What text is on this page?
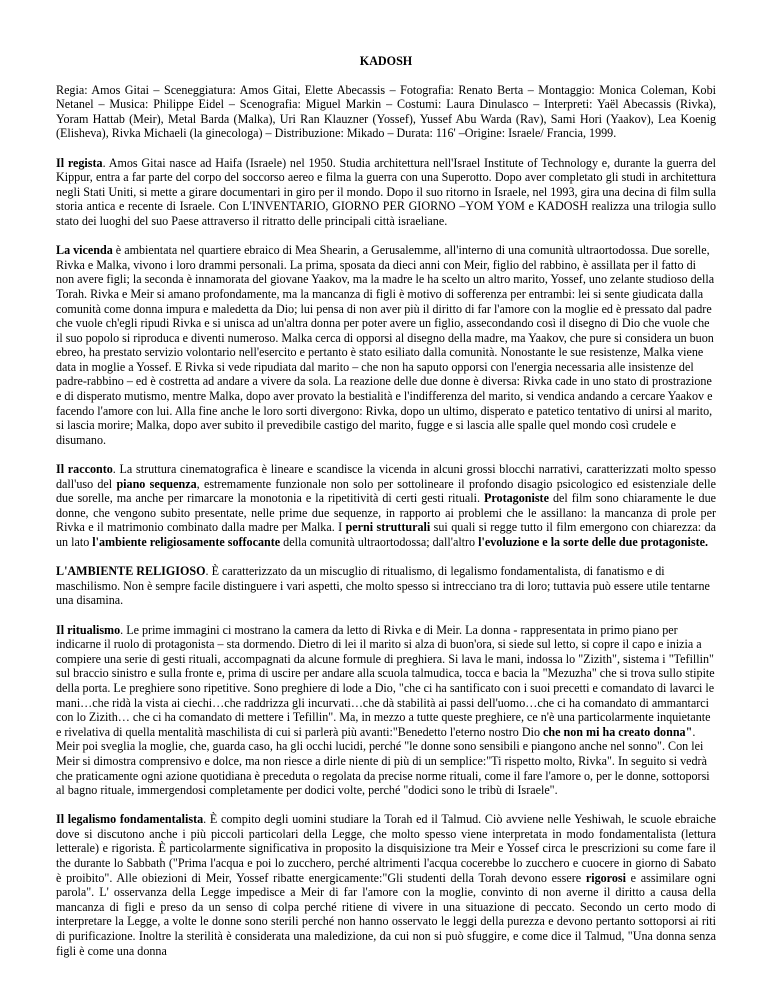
KADOSH

Regia: Amos Gitai – Sceneggiatura: Amos Gitai, Elette Abecassis – Fotografia: Renato Berta – Montaggio: Monica Coleman, Kobi Netanel – Musica: Philippe Eidel – Scenografia: Miguel Markin – Costumi: Laura Dinulasco – Interpreti: Yaël Abecassis (Rivka), Yoram Hattab (Meir), Metal Barda (Malka), Uri Ran Klauzner (Yossef), Yussef Abu Warda (Rav), Sami Hori (Yaakov), Lea Koenig (Elisheva), Rivka Michaeli (la ginecologa) – Distribuzione: Mikado – Durata: 116' –Origine: Israele/ Francia, 1999.

Il regista. Amos Gitai nasce ad Haifa (Israele) nel 1950. Studia architettura nell'Israel Institute of Technology e, durante la guerra del Kippur, entra a far parte del corpo del soccorso aereo e filma la guerra con una Superotto. Dopo aver completato gli studi in architettura negli Stati Uniti, si mette a girare documentari in giro per il mondo. Dopo il suo ritorno in Israele, nel 1993, gira una decina di film sulla storia antica e recente di Israele. Con L'INVENTARIO, GIORNO PER GIORNO –YOM YOM e KADOSH realizza una trilogia sullo stato dei luoghi del suo Paese attraverso il ritratto delle principali città israeliane.

La vicenda è ambientata nel quartiere ebraico di Mea Shearin, a Gerusalemme, all'interno di una comunità ultraortodossa. Due sorelle, Rivka e Malka, vivono i loro drammi personali. La prima, sposata da dieci anni con Meir, figlio del rabbino, è assillata per il fatto di non avere figli; la seconda è innamorata del giovane Yaakov, ma la madre le ha scelto un altro marito, Yossef, uno zelante studioso della Torah. Rivka e Meir si amano profondamente, ma la mancanza di figli è motivo di sofferenza per entrambi: lei si sente giudicata dalla comunità come donna impura e maledetta da Dio; lui pensa di non aver più il diritto di far l'amore con la moglie ed è pressato dal padre che vuole ch'egli ripudi Rivka e si unisca ad un'altra donna per poter avere un figlio, assecondando così il disegno di Dio che vuole che il suo popolo si riproduca e diventi numeroso. Malka cerca di opporsi al disegno della madre, ma Yaakov, che pure si considera un buon ebreo, ha prestato servizio volontario nell'esercito e pertanto è stato esiliato dalla comunità. Nonostante le sue resistenze, Malka viene data in moglie a Yossef. E Rivka si vede ripudiata dal marito – che non ha saputo opporsi con l'energia necessaria alle insistenze del padre-rabbino – ed è costretta ad andare a vivere da sola. La reazione delle due donne è diversa: Rivka cade in uno stato di prostrazione e di disperato mutismo, mentre Malka, dopo aver provato la bestialità e l'indifferenza del marito, si vendica andando a cercare Yaakov e facendo l'amore con lui. Alla fine anche le loro sorti divergono: Rivka, dopo un ultimo, disperato e patetico tentativo di unirsi al marito, si lascia morire; Malka, dopo aver subito il prevedibile castigo del marito, fugge e si lascia alle spalle quel mondo così crudele e disumano.

Il racconto. La struttura cinematografica è lineare e scandisce la vicenda in alcuni grossi blocchi narrativi, caratterizzati molto spesso dall'uso del piano sequenza, estremamente funzionale non solo per sottolineare il profondo disagio psicologico ed esistenziale delle due sorelle, ma anche per rimarcare la monotonia e la ripetitività di certi gesti rituali. Protagoniste del film sono chiaramente le due donne, che vengono subito presentate, nelle prime due sequenze, in rapporto ai problemi che le assillano: la mancanza di prole per Rivka e il matrimonio combinato dalla madre per Malka. I perni strutturali sui quali si regge tutto il film emergono con chiarezza: da un lato l'ambiente religiosamente soffocante della comunità ultraortodossa; dall'altro l'evoluzione e la sorte delle due protagoniste.

L'AMBIENTE RELIGIOSO. È caratterizzato da un miscuglio di ritualismo, di legalismo fondamentalista, di fanatismo e di maschilismo. Non è sempre facile distinguere i vari aspetti, che molto spesso si intrecciano tra di loro; tuttavia può essere utile tentarne una disamina.

Il ritualismo. Le prime immagini ci mostrano la camera da letto di Rivka e di Meir. La donna - rappresentata in primo piano per indicarne il ruolo di protagonista – sta dormendo. Dietro di lei il marito si alza di buon'ora, si siede sul letto, si copre il capo e inizia a compiere una serie di gesti rituali, accompagnati da alcune formule di preghiera. Si lava le mani, indossa lo "Zizith", sistema i "Tefillin" sul braccio sinistro e sulla fronte e, prima di uscire per andare alla scuola talmudica, tocca e bacia la "Mezuzha" che si trova sullo stipite della porta. Le preghiere sono ripetitive. Sono preghiere di lode a Dio, "che ci ha santificato con i suoi precetti e comandato di lavarci le mani…che ridà la vista ai ciechi…che raddrizza gli incurvati…che dà stabilità ai passi dell'uomo…che ci ha comandato di ammantarci con lo Zizith… che ci ha comandato di mettere i Tefillin". Ma, in mezzo a tutte queste preghiere, ce n'è una particolarmente inquietante e rivelativa di quella mentalità maschilista di cui si parlerà più avanti:"Benedetto l'eterno nostro Dio che non mi ha creato donna". Meir poi sveglia la moglie, che, guarda caso, ha gli occhi lucidi, perché "le donne sono sensibili e piangono anche nel sonno". Con lei Meir si dimostra comprensivo e dolce, ma non riesce a dirle niente di più di un semplice:"Ti rispetto molto, Rivka". In seguito si vedrà che praticamente ogni azione quotidiana è preceduta o regolata da precise norme rituali, come il fare l'amore o, per le donne, sottoporsi al bagno rituale, immergendosi completamente per dodici volte, perché "dodici sono le tribù di Israele".

Il legalismo fondamentalista. È compito degli uomini studiare la Torah ed il Talmud. Ciò avviene nelle Yeshiwah, le scuole ebraiche dove si discutono anche i più piccoli particolari della Legge, che molto spesso viene interpretata in modo fondamentalista (lettura letterale) e rigorista. È particolarmente significativa in proposito la disquisizione tra Meir e Yossef circa le prescrizioni su come fare il the durante lo Sabbath ("Prima l'acqua e poi lo zucchero, perché altrimenti l'acqua cocerebbe lo zucchero e cuocere in giorno di Sabato è proibito". Alle obiezioni di Meir, Yossef ribatte energicamente:"Gli studenti della Torah devono essere rigorosi e assimilare ogni parola". L' osservanza della Legge impedisce a Meir di far l'amore con la moglie, convinto di non averne il diritto a causa della mancanza di figli e preso da un senso di colpa perché ritiene di vivere in una situazione di peccato. Secondo un certo modo di interpretare la Legge, a volte le donne sono sterili perché non hanno osservato le leggi della purezza e devono pertanto sottoporsi ai riti di purificazione. Inoltre la sterilità è considerata una maledizione, da cui non si può sfuggire, e come dice il Talmud, "Una donna senza figli è come una donna
